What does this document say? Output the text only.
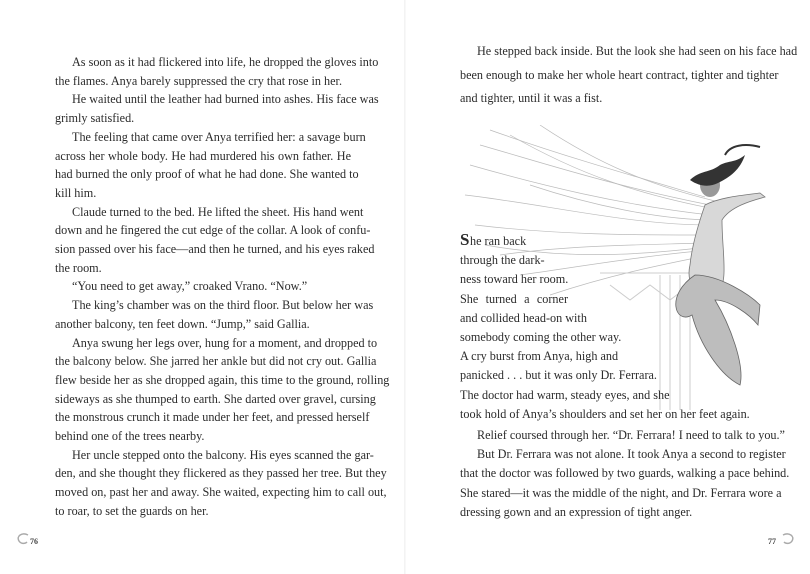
76
As soon as it had flickered into life, he dropped the gloves into
the flames. Anya barely suppressed the cry that rose in her.
He waited until the leather had burned into ashes. His face was
grimly satisfied.
The feeling that came over Anya terrified her: a savage burn
across her whole body. He had murdered his own father. He
had burned the only proof of what he had done. She wanted to
kill him.
Claude turned to the bed. He lifted the sheet. His hand went
down and he fingered the cut edge of the collar. A look of confu-
sion passed over his face—and then he turned, and his eyes raked
the room.
“You need to get away,” croaked Vrano. “Now.”
The king’s chamber was on the third floor. But below her was
another balcony, ten feet down. “Jump,” said Gallia.
Anya swung her legs over, hung for a moment, and dropped to
the balcony below. She jarred her ankle but did not cry out. Gallia
flew beside her as she dropped again, this time to the ground, rolling
sideways as she thumped to earth. She darted over gravel, cursing
the monstrous crunch it made under her feet, and pressed herself
behind one of the trees nearby.
Her uncle stepped onto the balcony. His eyes scanned the gar-
den, and she thought they flickered as they passed her tree. But they
moved on, past her and away. She waited, expecting him to call out,
to roar, to set the guards on her.
77
He stepped back inside. But the look she had seen on his face had
been enough to make her whole heart contract, tighter and tighter
and tighter, until it was a fist.
S he ran back
through the dark-
ness toward her room.
She turned a corner
and collided head-on with
somebody coming the other way.
A cry burst from Anya, high and
panicked . . . but it was only Dr. Ferrara.
The doctor had warm, steady eyes, and she
took hold of Anya’s shoulders and set her on her feet again.
Relief coursed through her. “Dr. Ferrara! I need to talk to you.”
But Dr. Ferrara was not alone. It took Anya a second to register
that the doctor was followed by two guards, walking a pace behind.
She stared—it was the middle of the night, and Dr. Ferrara wore a
dressing gown and an expression of tight anger.
